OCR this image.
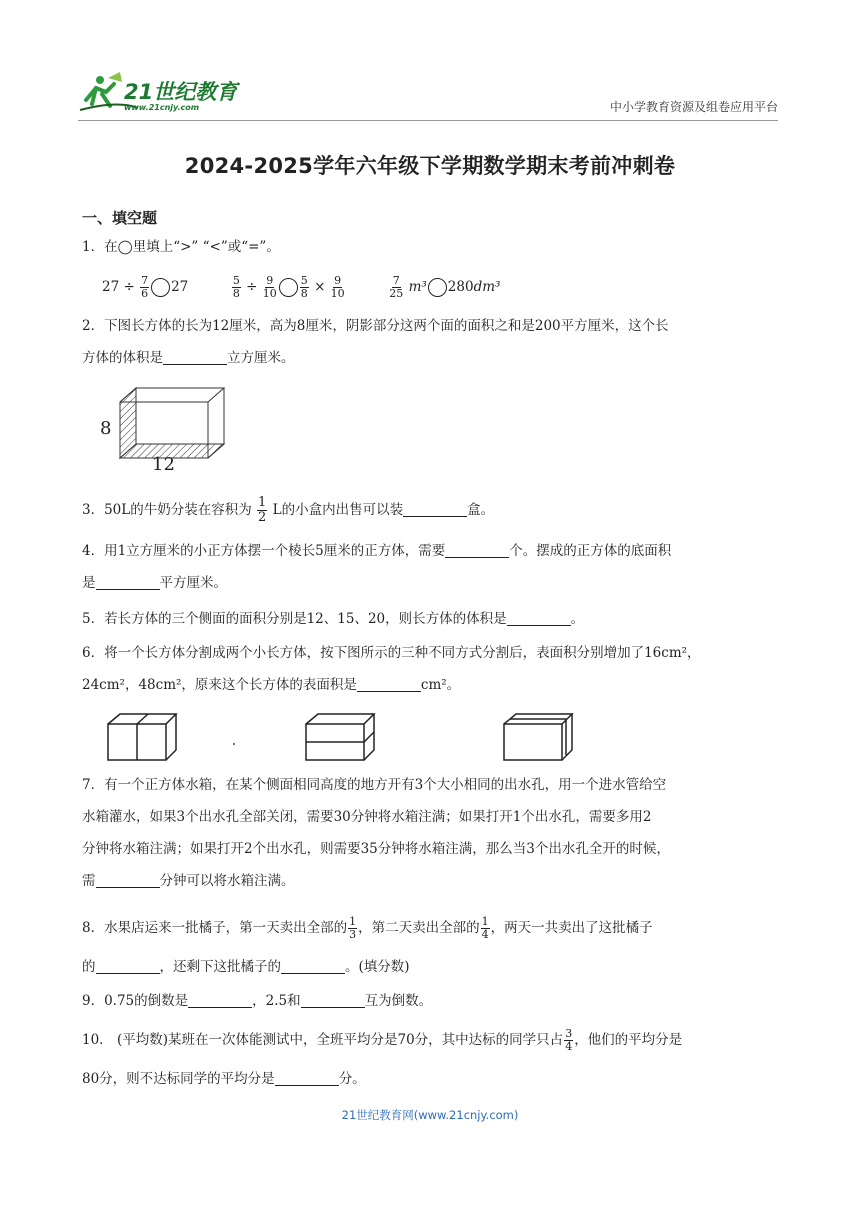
21世纪教育
www.21cnjy.com	中小学教育资源及组卷应用平台
2024-2025学年六年级下学期数学期末考前冲刺卷
一、填空题
1．在◯里填上“>” “<”或“=”。
$27 \div \frac{7}{6} 27$	$\frac{5}{8} \div \frac{9}{10} \frac{5}{8} \times \frac{9}{10}$
	$\frac{7}{25} m^3$ 280dm³
2．下图长方体的长为12厘米，高为8厘米，阴影部分这两个面的面积之和是200平方厘米，这个长
方体的体积是	立方厘米。
8
12
3．50L的牛奶分装在容积为 $\frac{1}{2}$ L的小盒内出售可以装	盒。
4．用1立方厘米的小正方体摆一个棱长5厘米的正方体，需要	个。摆成的正方体的底面积
是	平方厘米。
5．若长方体的三个侧面的面积分别是12、15、20，则长方体的体积是	。
6．将一个长方体分割成两个小长方体，按下图所示的三种不同方式分割后，表面积分别增加了16cm²，
24cm²，48cm²，原来这个长方体的表面积是	cm²。
7．有一个正方体水箱，在某个侧面相同高度的地方开有3个大小相同的出水孔，用一个进水管给空
水箱灌水，如果3个出水孔全部关闭，需要30分钟将水箱注满；如果打开1个出水孔，需要多用2
分钟将水箱注满；如果打开2个出水孔，则需要35分钟将水箱注满，那么当3个出水孔全开的时候，
需	分钟可以将水箱注满。
8．水果店运来一批橘子，第一天卖出全部的 $\frac{1}{3}$ ，第二天卖出全部的 $\frac{1}{4}$ ，两天一共卖出了这批橘子
的	，还剩下这批橘子的	。(填分数)
9．0.75的倒数是	，2.5和	互为倒数。
10． (平均数)某班在一次体能测试中，全班平均分是70分，其中达标的同学只占 $\frac{3}{4}$ ，他们的平均分是
80分，则不达标同学的平均分是	分。
21世纪教育网(www.21cnjy.com)
